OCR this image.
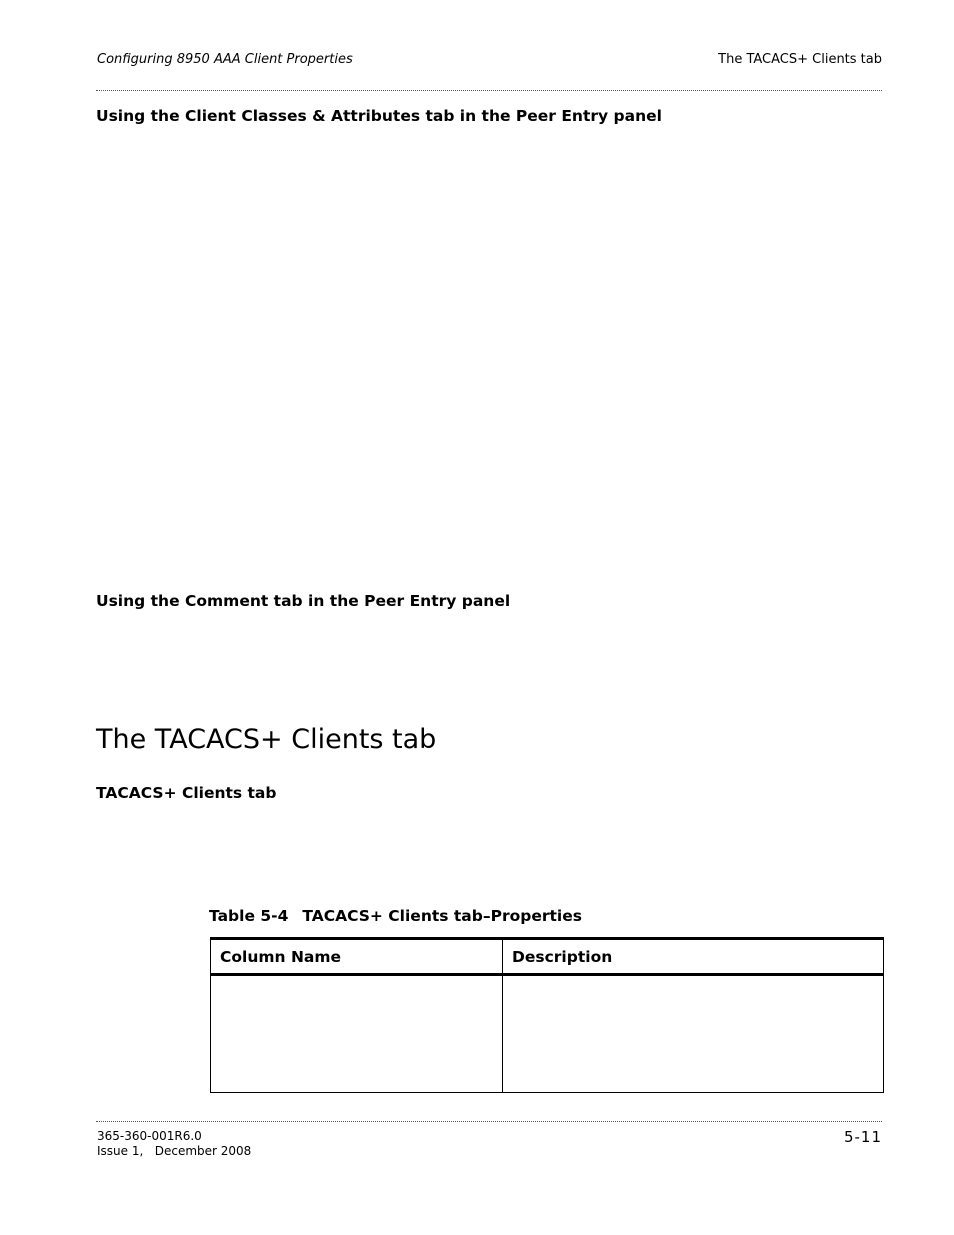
Configuring 8950 AAA Client Properties	The TACACS+ Clients tab
Using the Client Classes & Attributes tab in the Peer Entry panel
Using the Comment tab in the Peer Entry panel
The TACACS+ Clients tab
TACACS+ Clients tab
Table 5-4 TACACS+ Clients tab–Properties
Column Name	Description

365-360-001R6.0
Issue 1,   December 2008
5-11
